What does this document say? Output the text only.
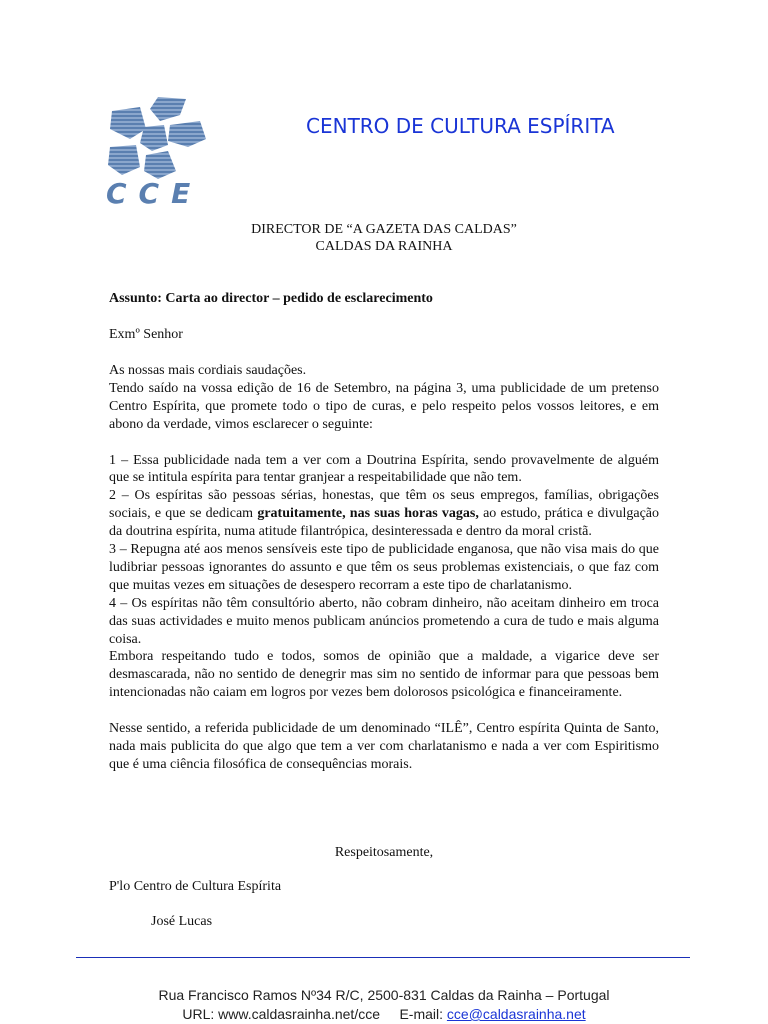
CCE
CENTRO DE CULTURA ESPÍRITA
DIRECTOR DE “A GAZETA DAS CALDAS”
CALDAS DA RAINHA
Assunto: Carta ao director – pedido de esclarecimento
Exmº Senhor

As nossas mais cordiais saudações.

Tendo saído na vossa edição de 16 de Setembro, na página 3, uma publicidade de um pretenso Centro Espírita, que promete todo o tipo de curas, e pelo respeito pelos vossos leitores, e em abono da verdade, vimos esclarecer o seguinte:

1 – Essa publicidade nada tem a ver com a Doutrina Espírita, sendo provavelmente de alguém que se intitula espírita para tentar granjear a respeitabilidade que não tem.

2 – Os espíritas são pessoas sérias, honestas, que têm os seus empregos, famílias, obrigações sociais, e que se dedicam gratuitamente, nas suas horas vagas, ao estudo, prática e divulgação da doutrina espírita, numa atitude filantrópica, desinteressada e dentro da moral cristã.

3 – Repugna até aos menos sensíveis este tipo de publicidade enganosa, que não visa mais do que ludibriar pessoas ignorantes do assunto e que têm os seus problemas existenciais, o que faz com que muitas vezes em situações de desespero recorram a este tipo de charlatanismo.

4 – Os espíritas não têm consultório aberto, não cobram dinheiro, não aceitam dinheiro em troca das suas actividades e muito menos publicam anúncios prometendo a cura de tudo e mais alguma coisa.

Embora respeitando tudo e todos, somos de opinião que a maldade, a vigarice deve ser desmascarada, não no sentido de denegrir mas sim no sentido de informar para que pessoas bem intencionadas não caiam em logros por vezes bem dolorosos psicológica e financeiramente.

Nesse sentido, a referida publicidade de um denominado “ILÊ”, Centro espírita Quinta de Santo, nada mais publicita do que algo que tem a ver com charlatanismo e nada a ver com Espiritismo que é uma ciência filosófica de consequências morais.

Respeitosamente,
P'lo Centro de Cultura Espírita
José Lucas
Rua Francisco Ramos Nº34 R/C, 2500-831 Caldas da Rainha – Portugal
URL: www.caldasrainha.net/cce E-mail: cce@caldasrainha.net
